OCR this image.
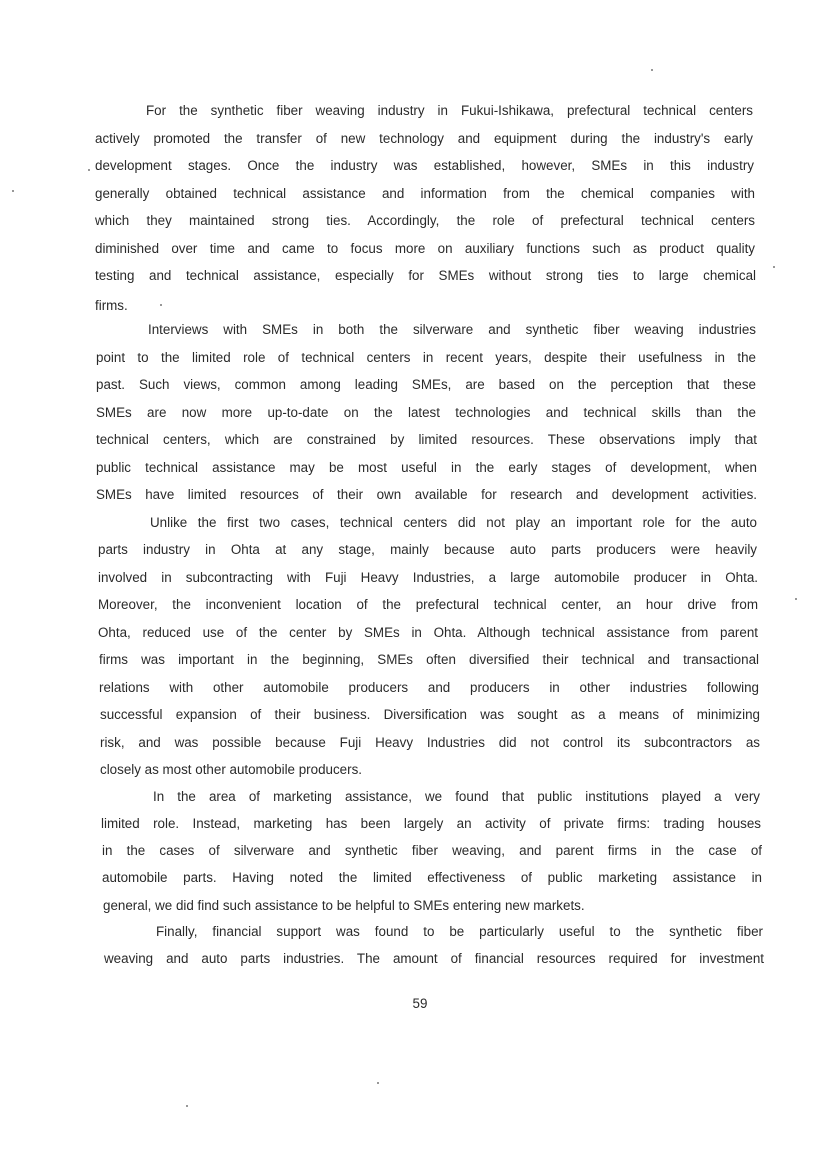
For the synthetic fiber weaving industry in Fukui-Ishikawa, prefectural technical centers
actively promoted the transfer of new technology and equipment during the industry's early
development stages. Once the industry was established, however, SMEs in this industry
generally obtained technical assistance and information from the chemical companies with
which they maintained strong ties. Accordingly, the role of prefectural technical centers
diminished over time and came to focus more on auxiliary functions such as product quality
testing and technical assistance, especially for SMEs without strong ties to large chemical
firms.
Interviews with SMEs in both the silverware and synthetic fiber weaving industries
point to the limited role of technical centers in recent years, despite their usefulness in the
past. Such views, common among leading SMEs, are based on the perception that these
SMEs are now more up-to-date on the latest technologies and technical skills than the
technical centers, which are constrained by limited resources. These observations imply that
public technical assistance may be most useful in the early stages of development, when
SMEs have limited resources of their own available for research and development activities.
Unlike the first two cases, technical centers did not play an important role for the auto
parts industry in Ohta at any stage, mainly because auto parts producers were heavily
involved in subcontracting with Fuji Heavy Industries, a large automobile producer in Ohta.
Moreover, the inconvenient location of the prefectural technical center, an hour drive from
Ohta, reduced use of the center by SMEs in Ohta. Although technical assistance from parent
firms was important in the beginning, SMEs often diversified their technical and transactional
relations with other automobile producers and producers in other industries following
successful expansion of their business. Diversification was sought as a means of minimizing
risk, and was possible because Fuji Heavy Industries did not control its subcontractors as
closely as most other automobile producers.
In the area of marketing assistance, we found that public institutions played a very
limited role. Instead, marketing has been largely an activity of private firms: trading houses
in the cases of silverware and synthetic fiber weaving, and parent firms in the case of
automobile parts. Having noted the limited effectiveness of public marketing assistance in
general, we did find such assistance to be helpful to SMEs entering new markets.
Finally, financial support was found to be particularly useful to the synthetic fiber
weaving and auto parts industries. The amount of financial resources required for investment
59
